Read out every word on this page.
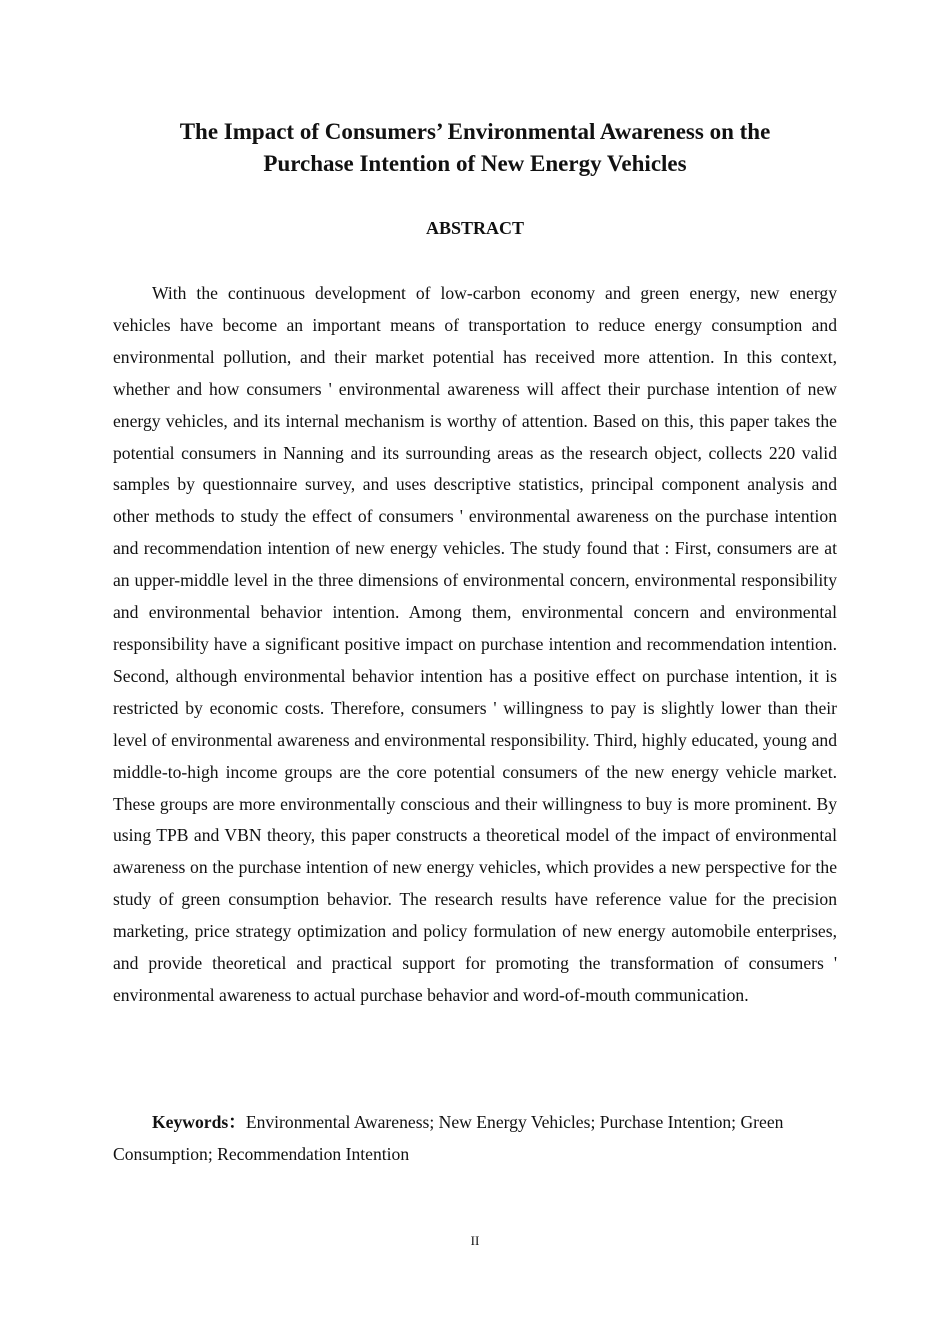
The Impact of Consumers’ Environmental Awareness on the
Purchase Intention of New Energy Vehicles
ABSTRACT

With the continuous development of low-carbon economy and green energy, new energy vehicles have become an important means of transportation to reduce energy consumption and environmental pollution, and their market potential has received more attention. In this context, whether and how consumers ' environmental awareness will affect their purchase intention of new energy vehicles, and its internal mechanism is worthy of attention. Based on this, this paper takes the potential consumers in Nanning and its surrounding areas as the research object, collects 220 valid samples by questionnaire survey, and uses descriptive statistics, principal component analysis and other methods to study the effect of consumers ' environmental awareness on the purchase intention and recommendation intention of new energy vehicles. The study found that : First, consumers are at an upper-middle level in the three dimensions of environmental concern, environmental responsibility and environmental behavior intention. Among them, environmental concern and environmental responsibility have a significant positive impact on purchase intention and recommendation intention. Second, although environmental behavior intention has a positive effect on purchase intention, it is restricted by economic costs. Therefore, consumers ' willingness to pay is slightly lower than their level of environmental awareness and environmental responsibility. Third, highly educated, young and middle-to-high income groups are the core potential consumers of the new energy vehicle market. These groups are more environmentally conscious and their willingness to buy is more prominent. By using TPB and VBN theory, this paper constructs a theoretical model of the impact of environmental awareness on the purchase intention of new energy vehicles, which provides a new perspective for the study of green consumption behavior. The research results have reference value for the precision marketing, price strategy optimization and policy formulation of new energy automobile enterprises, and provide theoretical and practical support for promoting the transformation of consumers ' environmental awareness to actual purchase behavior and word-of-mouth communication.

Keywords：Environmental Awareness; New Energy Vehicles; Purchase Intention; Green Consumption; Recommendation Intention

II
